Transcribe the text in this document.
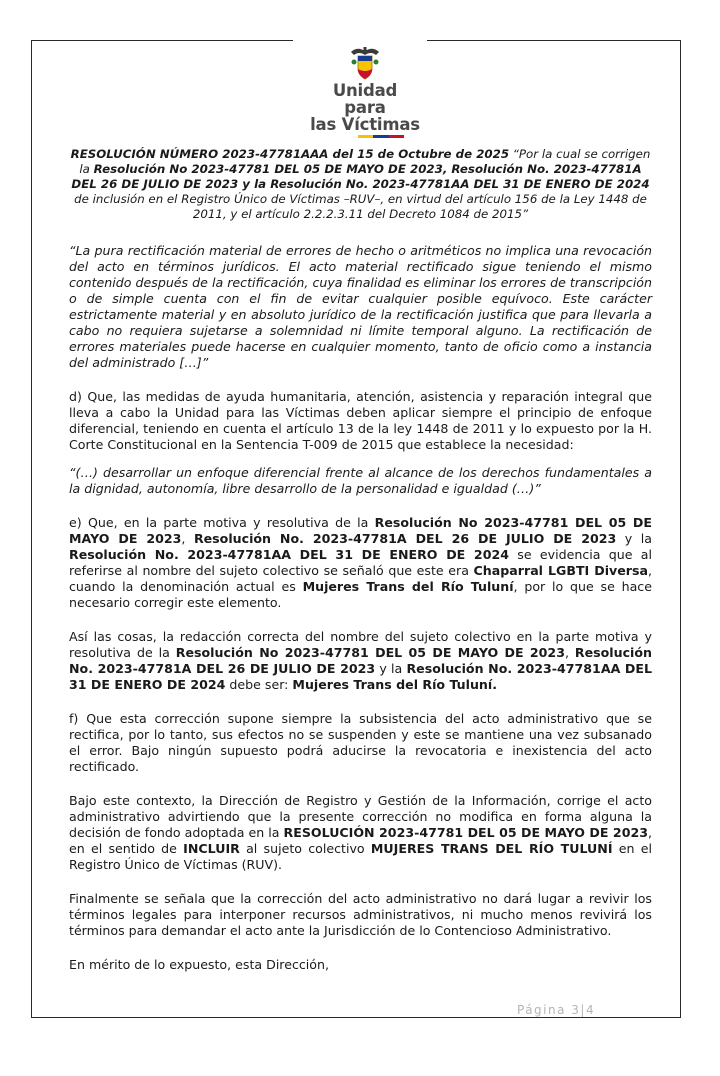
Unidad para
las Víctimas

RESOLUCIÓN NÚMERO 2023-47781AAA del 15 de Octubre de 2025 “Por la cual se corrigen la Resolución No 2023-47781 DEL 05 DE MAYO DE 2023, Resolución No. 2023-47781A DEL 26 DE JULIO DE 2023 y la Resolución No. 2023-47781AA DEL 31 DE ENERO DE 2024 de inclusión en el Registro Único de Víctimas –RUV–, en virtud del artículo 156 de la Ley 1448 de 2011, y el artículo 2.2.2.3.11 del Decreto 1084 de 2015”

“La pura rectificación material de errores de hecho o aritméticos no implica una revocación del acto en términos jurídicos. El acto material rectificado sigue teniendo el mismo contenido después de la rectificación, cuya finalidad es eliminar los errores de transcripción o de simple cuenta con el fin de evitar cualquier posible equívoco. Este carácter estrictamente material y en absoluto jurídico de la rectificación justifica que para llevarla a cabo no requiera sujetarse a solemnidad ni límite temporal alguno. La rectificación de errores materiales puede hacerse en cualquier momento, tanto de oficio como a instancia del administrado […]”

d) Que, las medidas de ayuda humanitaria, atención, asistencia y reparación integral que lleva a cabo la Unidad para las Víctimas deben aplicar siempre el principio de enfoque diferencial, teniendo en cuenta el artículo 13 de la ley 1448 de 2011 y lo expuesto por la H. Corte Constitucional en la Sentencia T-009 de 2015 que establece la necesidad:

“(…) desarrollar un enfoque diferencial frente al alcance de los derechos fundamentales a la dignidad, autonomía, libre desarrollo de la personalidad e igualdad (…)”

e) Que, en la parte motiva y resolutiva de la Resolución No 2023-47781 DEL 05 DE MAYO DE 2023, Resolución No. 2023-47781A DEL 26 DE JULIO DE 2023 y la Resolución No. 2023-47781AA DEL 31 DE ENERO DE 2024 se evidencia que al referirse al nombre del sujeto colectivo se señaló que este era Chaparral LGBTI Diversa, cuando la denominación actual es Mujeres Trans del Río Tuluní, por lo que se hace necesario corregir este elemento.

Así las cosas, la redacción correcta del nombre del sujeto colectivo en la parte motiva y resolutiva de la Resolución No 2023-47781 DEL 05 DE MAYO DE 2023, Resolución No. 2023-47781A DEL 26 DE JULIO DE 2023 y la Resolución No. 2023-47781AA DEL 31 DE ENERO DE 2024 debe ser: Mujeres Trans del Río Tuluní.

f) Que esta corrección supone siempre la subsistencia del acto administrativo que se rectifica, por lo tanto, sus efectos no se suspenden y este se mantiene una vez subsanado el error. Bajo ningún supuesto podrá aducirse la revocatoria e inexistencia del acto rectificado.

Bajo este contexto, la Dirección de Registro y Gestión de la Información, corrige el acto administrativo advirtiendo que la presente corrección no modifica en forma alguna la decisión de fondo adoptada en la RESOLUCIÓN 2023-47781 DEL 05 DE MAYO DE 2023, en el sentido de INCLUIR al sujeto colectivo MUJERES TRANS DEL RÍO TULUNÍ en el Registro Único de Víctimas (RUV).

Finalmente se señala que la corrección del acto administrativo no dará lugar a revivir los términos legales para interponer recursos administrativos, ni mucho menos revivirá los términos para demandar el acto ante la Jurisdicción de lo Contencioso Administrativo.

En mérito de lo expuesto, esta Dirección,

Página 3|4
